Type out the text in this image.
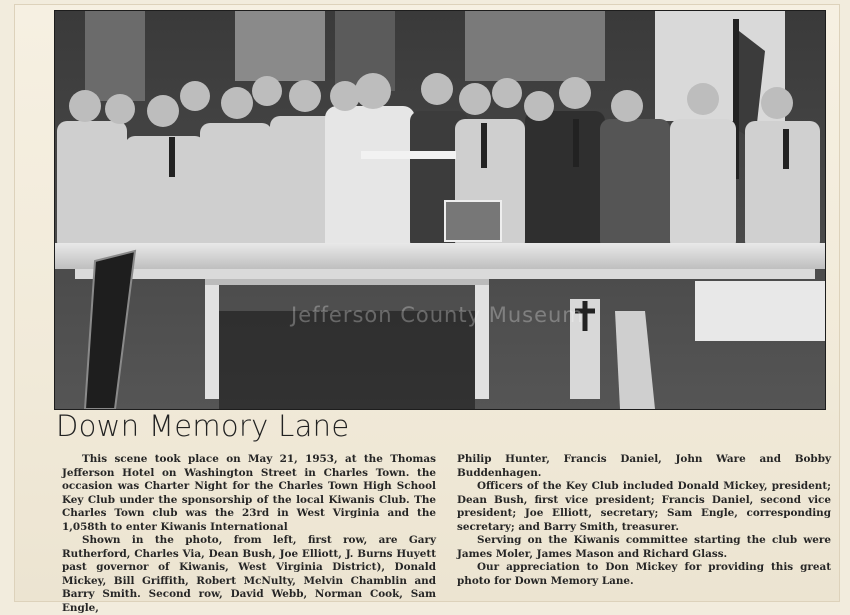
Jefferson County Museum
Down Memory Lane

This scene took place on May 21, 1953, at the Thomas Jefferson Hotel on Washington Street in Charles Town. the occasion was Charter Night for the Charles Town High School Key Club under the sponsorship of the local Kiwanis Club. The Charles Town club was the 23rd in West Virginia and the 1,058th to enter Kiwanis International

Shown in the photo, from left, first row, are Gary Rutherford, Charles Via, Dean Bush, Joe Elliott, J. Burns Huyett past governor of Kiwanis, West Virginia District), Donald Mickey, Bill Griffith, Robert McNulty, Melvin Chamblin and Barry Smith. Second row, David Webb, Norman Cook, Sam Engle,

Philip Hunter, Francis Daniel, John Ware and Bobby Buddenhagen.

Officers of the Key Club included Donald Mickey, president; Dean Bush, first vice president; Francis Daniel, second vice president; Joe Elliott, secretary; Sam Engle, corresponding secretary; and Barry Smith, treasurer.

Serving on the Kiwanis committee starting the club were James Moler, James Mason and Richard Glass.

Our appreciation to Don Mickey for providing this great photo for Down Memory Lane.
